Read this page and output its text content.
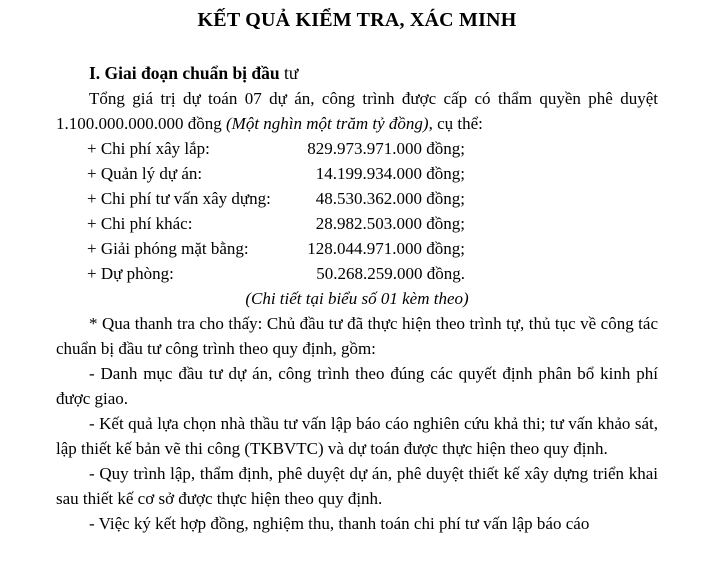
KẾT QUẢ KIỂM TRA, XÁC MINH
I. Giai đoạn chuẩn bị đầu tư

Tổng giá trị dự toán 07 dự án, công trình được cấp có thẩm quyền phê duyệt 1.100.000.000.000 đồng (Một nghìn một trăm tỷ đồng), cụ thể:

829.973.971.000 đồng;
+ Chi phí xây lắp:
14.199.934.000 đồng;
+ Quản lý dự án:
48.530.362.000 đồng;
+ Chi phí tư vấn xây dựng:
28.982.503.000 đồng;
+ Chi phí khác:
128.044.971.000 đồng;
+ Giải phóng mặt bằng:
50.268.259.000 đồng.
+ Dự phòng:

(Chi tiết tại biểu số 01 kèm theo)

* Qua thanh tra cho thấy: Chủ đầu tư đã thực hiện theo trình tự, thủ tục về công tác chuẩn bị đầu tư công trình theo quy định, gồm:

- Danh mục đầu tư dự án, công trình theo đúng các quyết định phân bổ kinh phí được giao.

- Kết quả lựa chọn nhà thầu tư vấn lập báo cáo nghiên cứu khả thi; tư vấn khảo sát, lập thiết kế bản vẽ thi công (TKBVTC) và dự toán được thực hiện theo quy định.

- Quy trình lập, thẩm định, phê duyệt dự án, phê duyệt thiết kế xây dựng triển khai sau thiết kế cơ sở được thực hiện theo quy định.

- Việc ký kết hợp đồng, nghiệm thu, thanh toán chi phí tư vấn lập báo cáo
